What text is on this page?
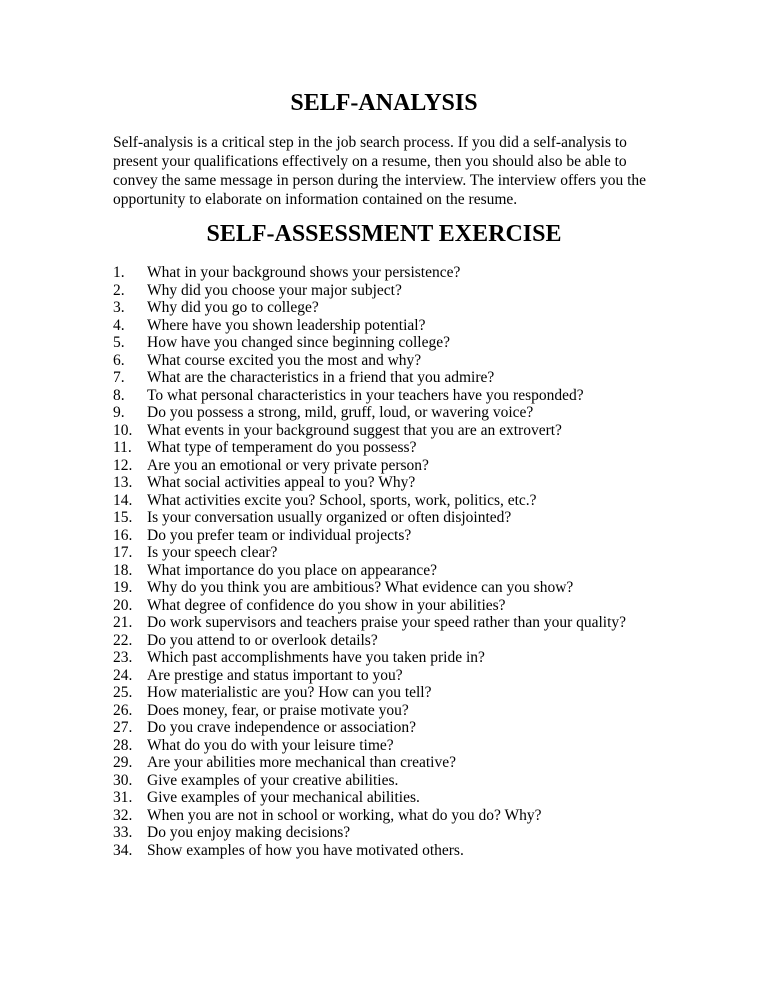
SELF-ANALYSIS

Self-analysis is a critical step in the job search process. If you did a self-analysis to
present your qualifications effectively on a resume, then you should also be able to
convey the same message in person during the interview. The interview offers you the
opportunity to elaborate on information contained on the resume.

SELF-ASSESSMENT EXERCISE
1. What in your background shows your persistence?
2. Why did you choose your major subject?
3. Why did you go to college?
4. Where have you shown leadership potential?
5. How have you changed since beginning college?
6. What course excited you the most and why?
7. What are the characteristics in a friend that you admire?
8. To what personal characteristics in your teachers have you responded?
9. Do you possess a strong, mild, gruff, loud, or wavering voice?
10. What events in your background suggest that you are an extrovert?
11. What type of temperament do you possess?
12. Are you an emotional or very private person?
13. What social activities appeal to you? Why?
14. What activities excite you? School, sports, work, politics, etc.?
15. Is your conversation usually organized or often disjointed?
16. Do you prefer team or individual projects?
17. Is your speech clear?
18. What importance do you place on appearance?
19. Why do you think you are ambitious? What evidence can you show?
20. What degree of confidence do you show in your abilities?
21. Do work supervisors and teachers praise your speed rather than your quality?
22. Do you attend to or overlook details?
23. Which past accomplishments have you taken pride in?
24. Are prestige and status important to you?
25. How materialistic are you? How can you tell?
26. Does money, fear, or praise motivate you?
27. Do you crave independence or association?
28. What do you do with your leisure time?
29. Are your abilities more mechanical than creative?
30. Give examples of your creative abilities.
31. Give examples of your mechanical abilities.
32. When you are not in school or working, what do you do? Why?
33. Do you enjoy making decisions?
34. Show examples of how you have motivated others.
